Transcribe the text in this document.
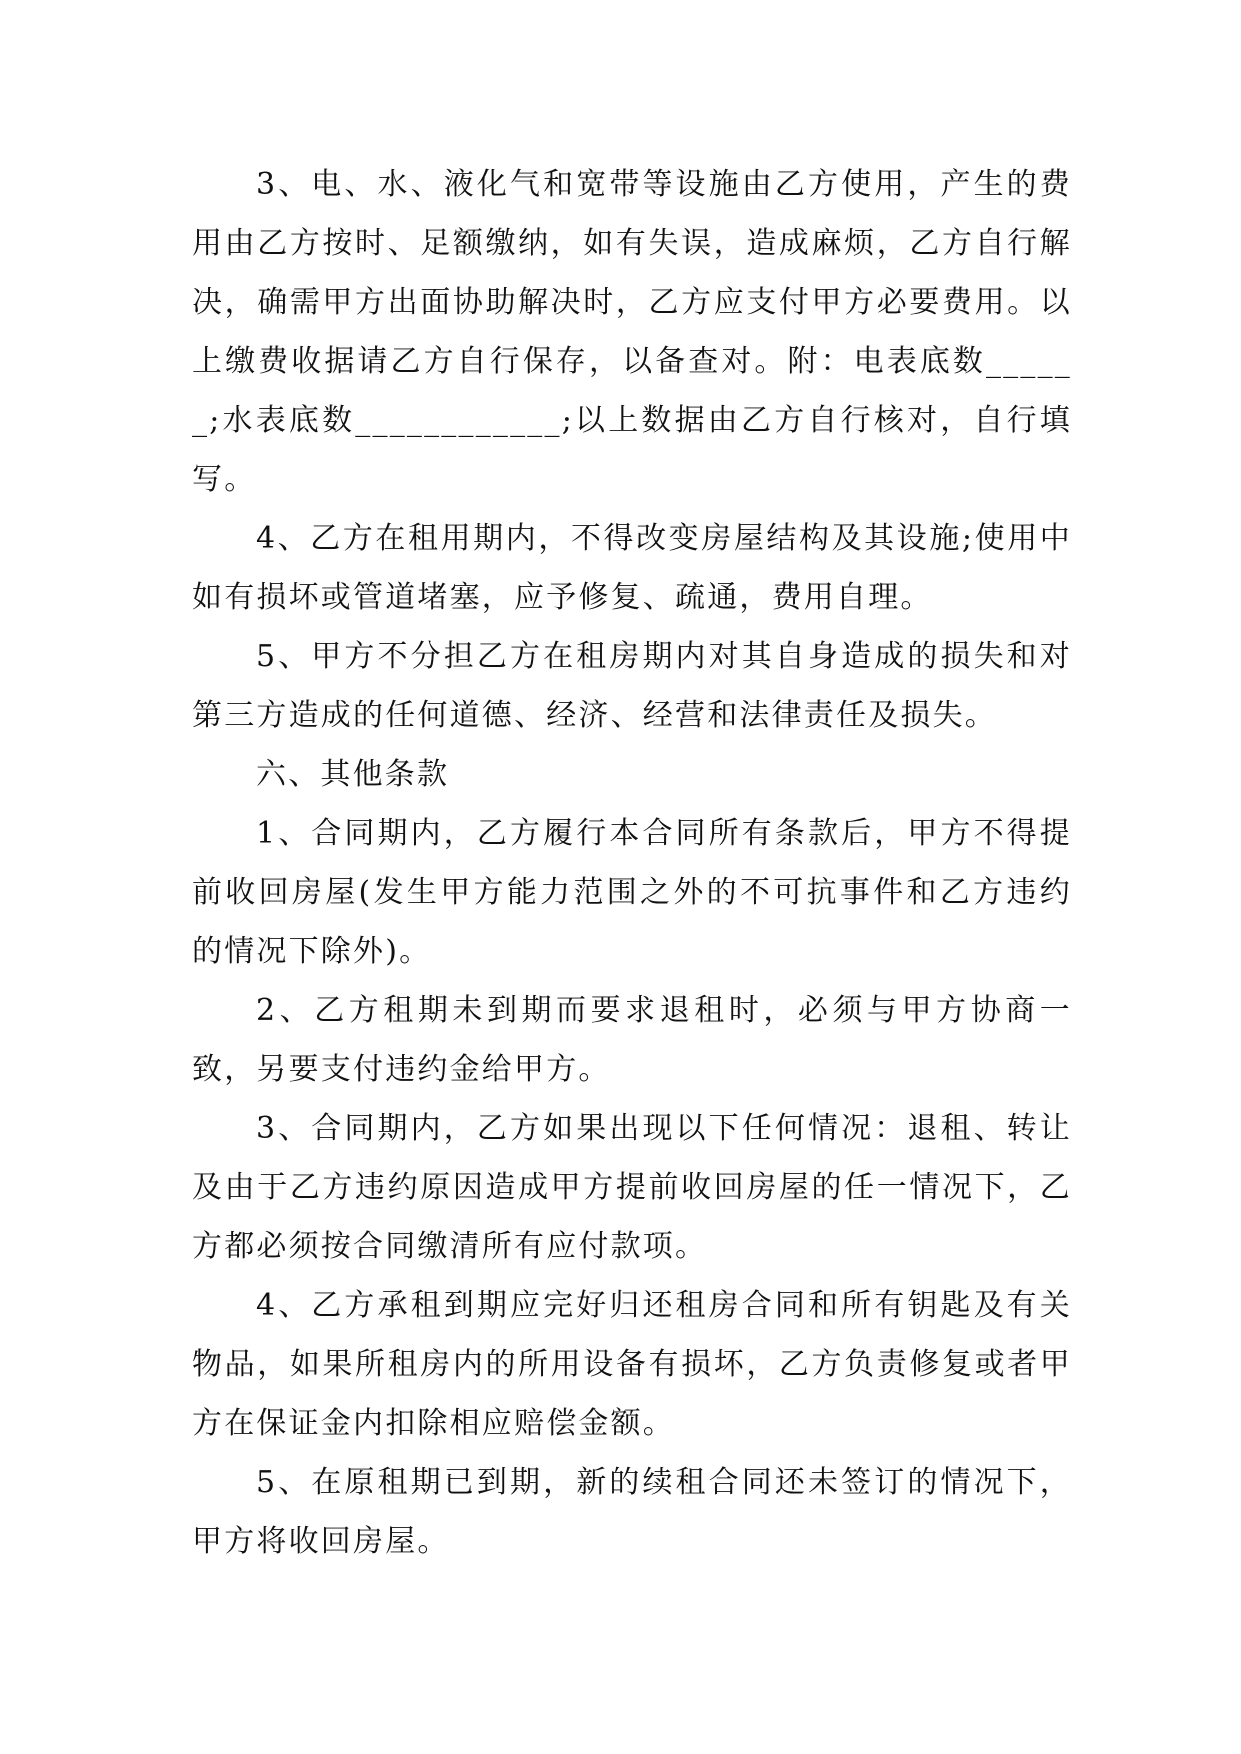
3、电、水、液化气和宽带等设施由乙方使用，产生的费用由乙方按时、足额缴纳，如有失误，造成麻烦，乙方自行解决，确需甲方出面协助解决时，乙方应支付甲方必要费用。以上缴费收据请乙方自行保存，以备查对。附：电表底数______;水表底数____________;以上数据由乙方自行核对，自行填写。

4、乙方在租用期内，不得改变房屋结构及其设施;使用中如有损坏或管道堵塞，应予修复、疏通，费用自理。

5、甲方不分担乙方在租房期内对其自身造成的损失和对第三方造成的任何道德、经济、经营和法律责任及损失。

六、其他条款

1、合同期内，乙方履行本合同所有条款后，甲方不得提前收回房屋(发生甲方能力范围之外的不可抗事件和乙方违约的情况下除外)。

2、乙方租期未到期而要求退租时，必须与甲方协商一致，另要支付违约金给甲方。

3、合同期内，乙方如果出现以下任何情况：退租、转让及由于乙方违约原因造成甲方提前收回房屋的任一情况下，乙方都必须按合同缴清所有应付款项。

4、乙方承租到期应完好归还租房合同和所有钥匙及有关物品，如果所租房内的所用设备有损坏，乙方负责修复或者甲方在保证金内扣除相应赔偿金额。

5、在原租期已到期，新的续租合同还未签订的情况下，甲方将收回房屋。
